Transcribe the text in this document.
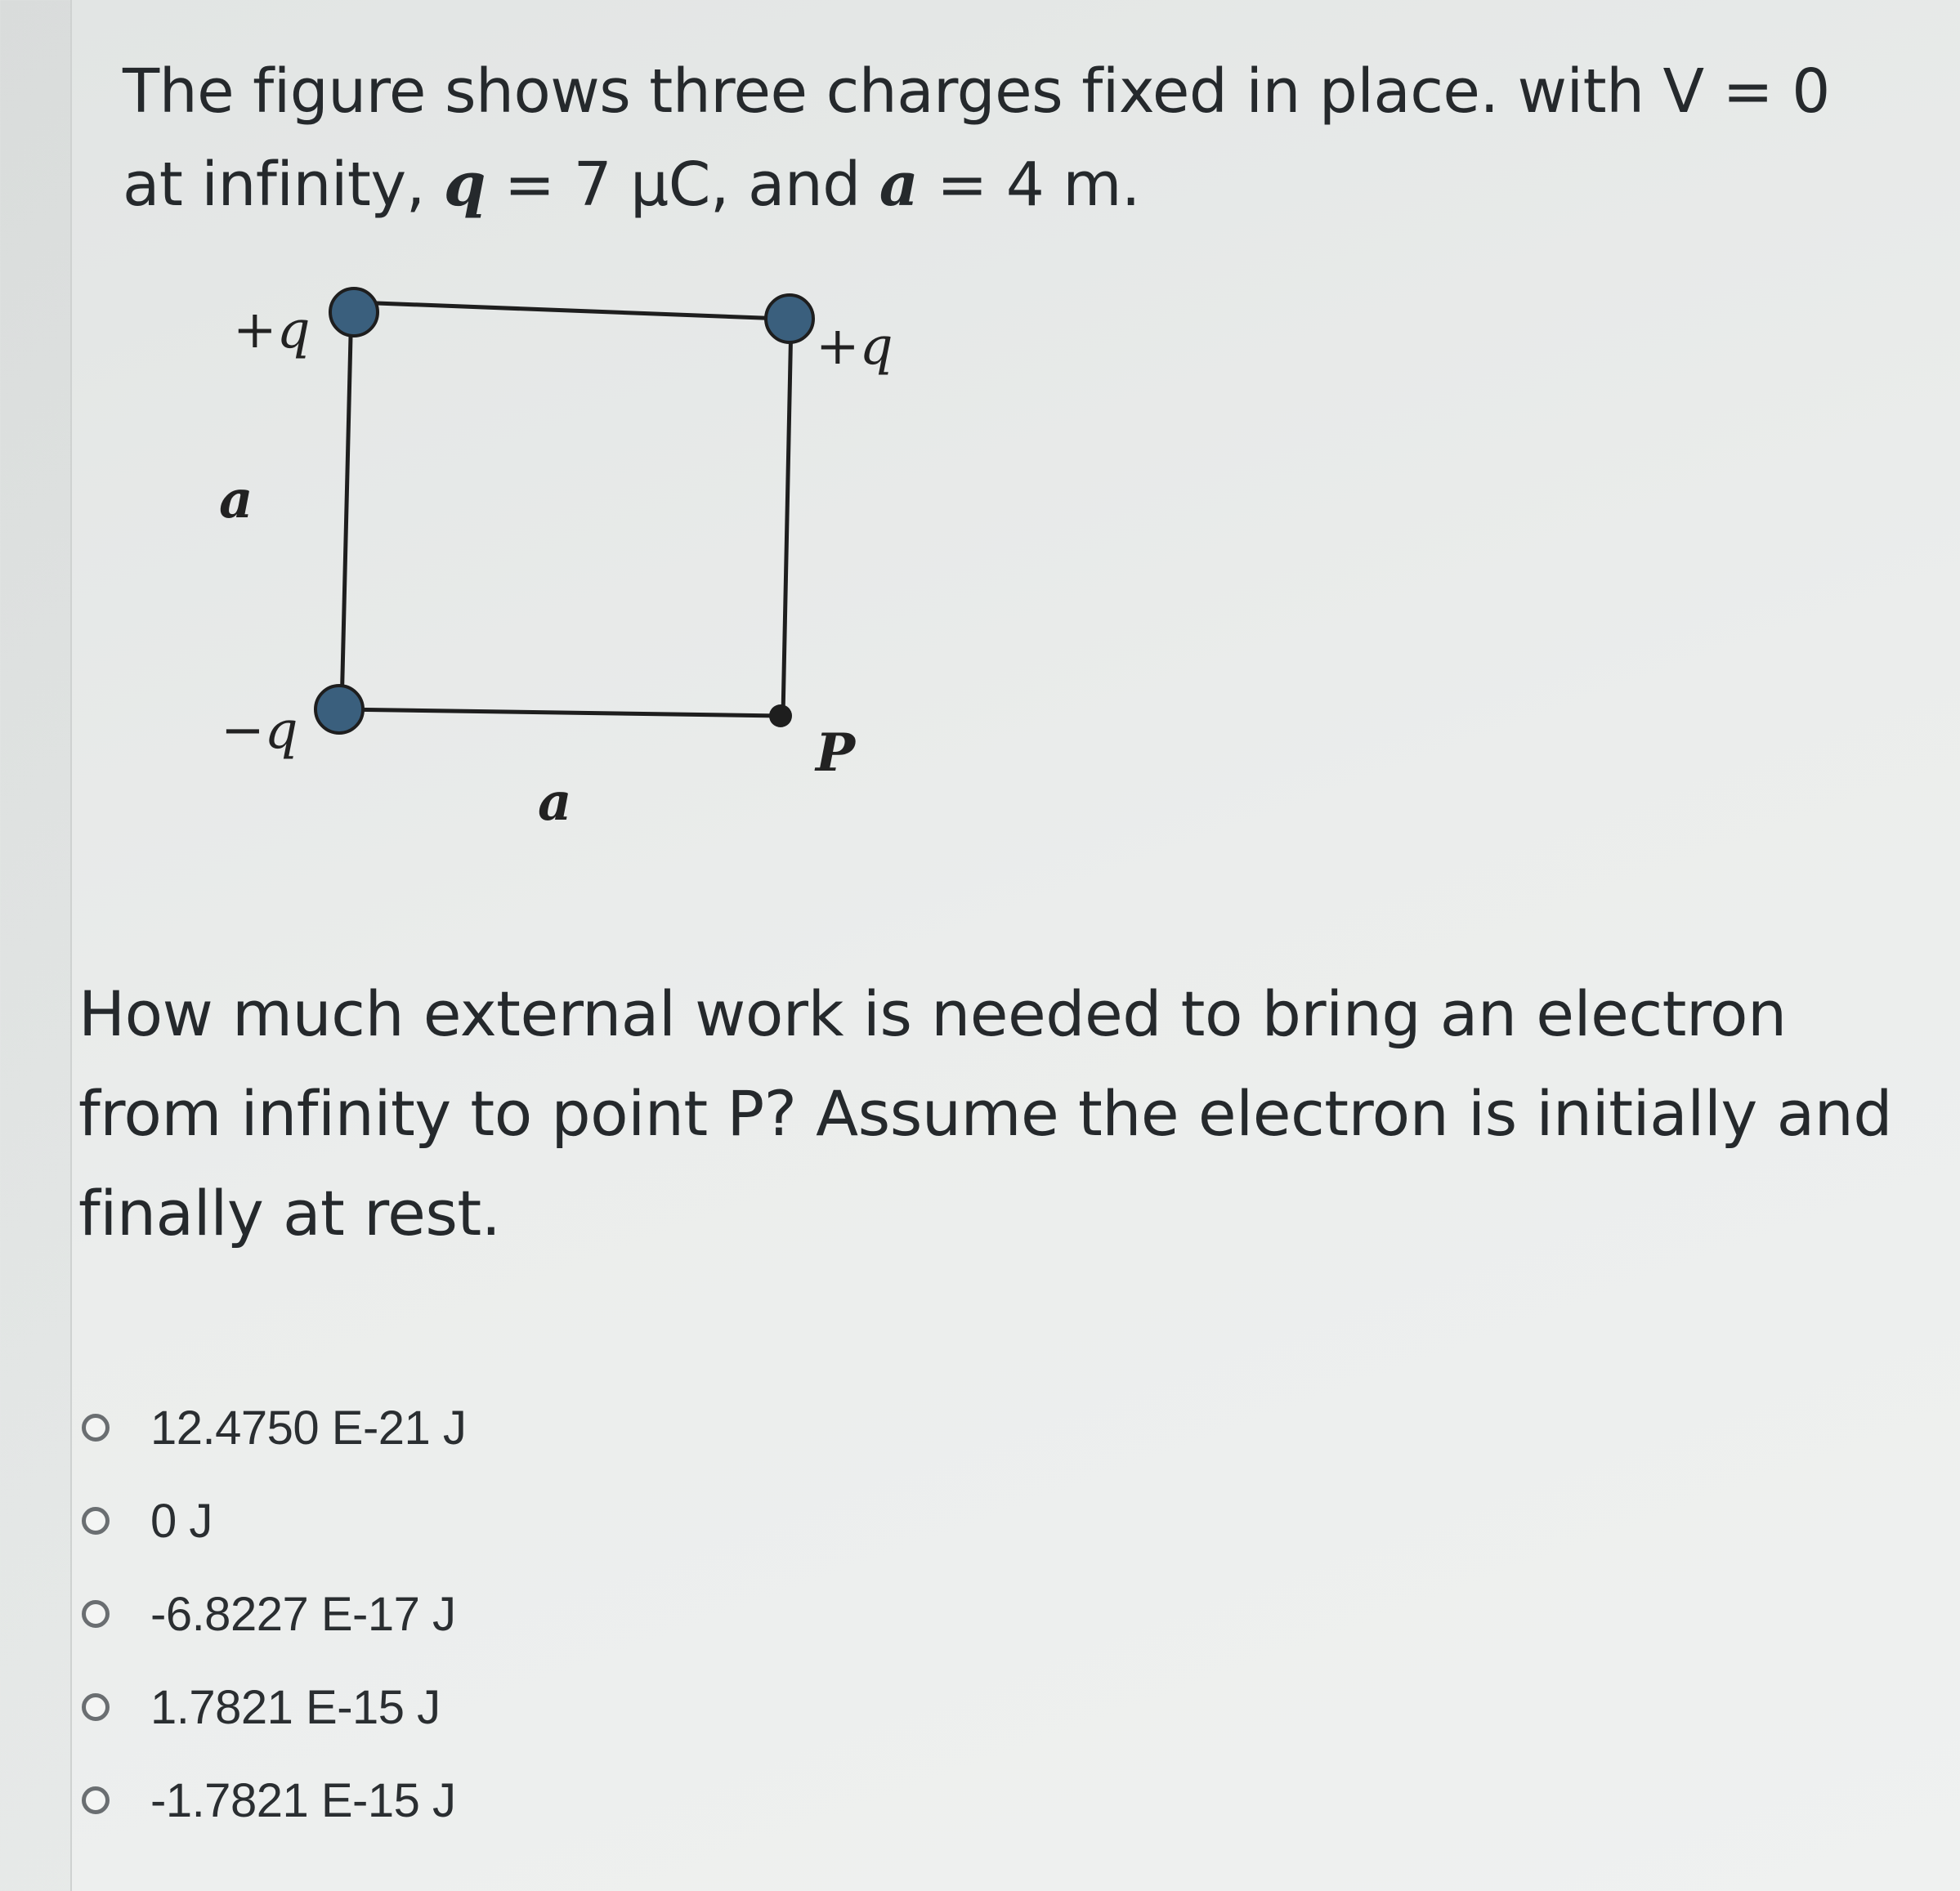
The figure shows three charges fixed in place. with V = 0 at infinity, q = 7 μC, and a = 4 m.

+q	+q
−q
a
a
P

How much external work is needed to bring an electron from infinity to point P? Assume the electron is initially and finally at rest.

12.4750 E-21 J
0 J
-6.8227 E-17 J
1.7821 E-15 J
-1.7821 E-15 J
